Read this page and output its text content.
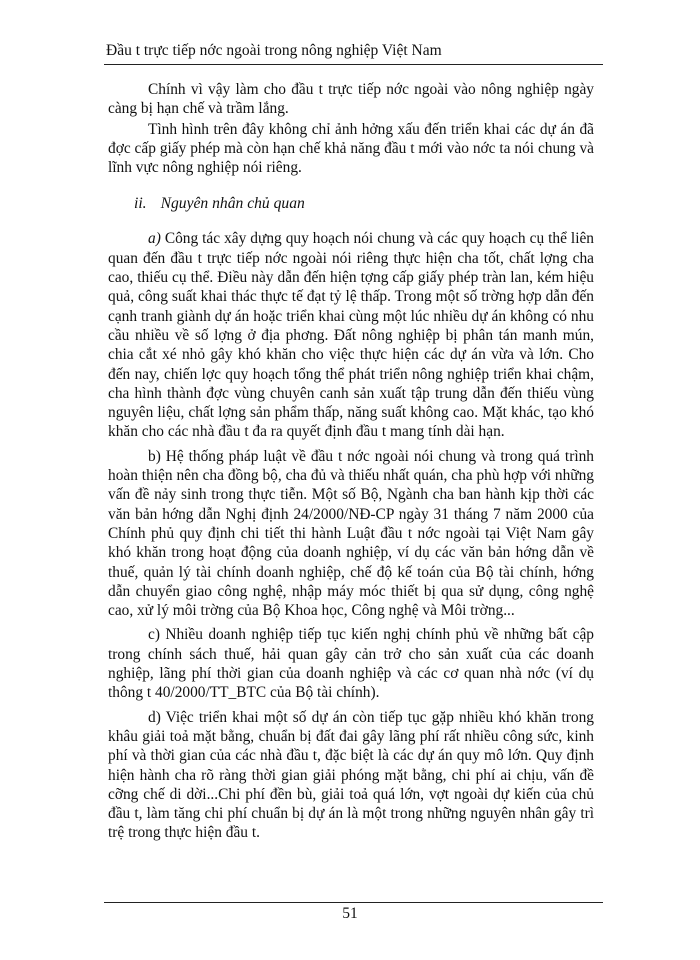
Đầu t trực tiếp nớc ngoài trong nông nghiệp Việt Nam

Chính vì vậy làm cho đầu t trực tiếp nớc ngoài vào nông nghiệp ngày càng bị hạn chế và trầm lắng.

Tình hình trên đây không chỉ ảnh hởng xấu đến triển khai các dự án đã đợc cấp giấy phép mà còn hạn chế khả năng đầu t mới vào nớc ta nói chung và lĩnh vực nông nghiệp nói riêng.

ii. Nguyên nhân chủ quan

a) Công tác xây dựng quy hoạch nói chung và các quy hoạch cụ thể liên quan đến đầu t trực tiếp nớc ngoài nói riêng thực hiện cha tốt, chất lợng cha cao, thiếu cụ thể. Điều này dẫn đến hiện tợng cấp giấy phép tràn lan, kém hiệu quả, công suất khai thác thực tế đạt tỷ lệ thấp. Trong một số trờng hợp dẫn đến cạnh tranh giành dự án hoặc triển khai cùng một lúc nhiều dự án không có nhu cầu nhiều về số lợng ở địa phơng. Đất nông nghiệp bị phân tán manh mún, chia cắt xé nhỏ gây khó khăn cho việc thực hiện các dự án vừa và lớn. Cho đến nay, chiến lợc quy hoạch tổng thể phát triển nông nghiệp triển khai chậm, cha hình thành đợc vùng chuyên canh sản xuất tập trung dẫn đến thiếu vùng nguyên liệu, chất lợng sản phẩm thấp, năng suất không cao. Mặt khác, tạo khó khăn cho các nhà đầu t đa ra quyết định đầu t mang tính dài hạn.

b) Hệ thống pháp luật về đầu t nớc ngoài nói chung và trong quá trình hoàn thiện nên cha đồng bộ, cha đủ và thiếu nhất quán, cha phù hợp với những vấn đề nảy sinh trong thực tiễn. Một số Bộ, Ngành cha ban hành kịp thời các văn bản hớng dẫn Nghị định 24/2000/NĐ-CP ngày 31 tháng 7 năm 2000 của Chính phủ quy định chi tiết thi hành Luật đầu t nớc ngoài tại Việt Nam gây khó khăn trong hoạt động của doanh nghiệp, ví dụ các văn bản hớng dẫn về thuế, quản lý tài chính doanh nghiệp, chế độ kế toán của Bộ tài chính, hớng dẫn chuyển giao công nghệ, nhập máy móc thiết bị qua sử dụng, công nghệ cao, xử lý môi trờng của Bộ Khoa học, Công nghệ và Môi trờng...

c) Nhiều doanh nghiệp tiếp tục kiến nghị chính phủ về những bất cập trong chính sách thuế, hải quan gây cản trở cho sản xuất của các doanh nghiệp, lãng phí thời gian của doanh nghiệp và các cơ quan nhà nớc (ví dụ thông t 40/2000/TT_BTC của Bộ tài chính).

d) Việc triển khai một số dự án còn tiếp tục gặp nhiều khó khăn trong khâu giải toả mặt bằng, chuẩn bị đất đai gây lãng phí rất nhiều công sức, kinh phí và thời gian của các nhà đầu t, đặc biệt là các dự án quy mô lớn. Quy định hiện hành cha rõ ràng thời gian giải phóng mặt bằng, chi phí ai chịu, vấn đề cỡng chế di dời...Chi phí đền bù, giải toả quá lớn, vợt ngoài dự kiến của chủ đầu t, làm tăng chi phí chuẩn bị dự án là một trong những nguyên nhân gây trì trệ trong thực hiện đầu t.

51
